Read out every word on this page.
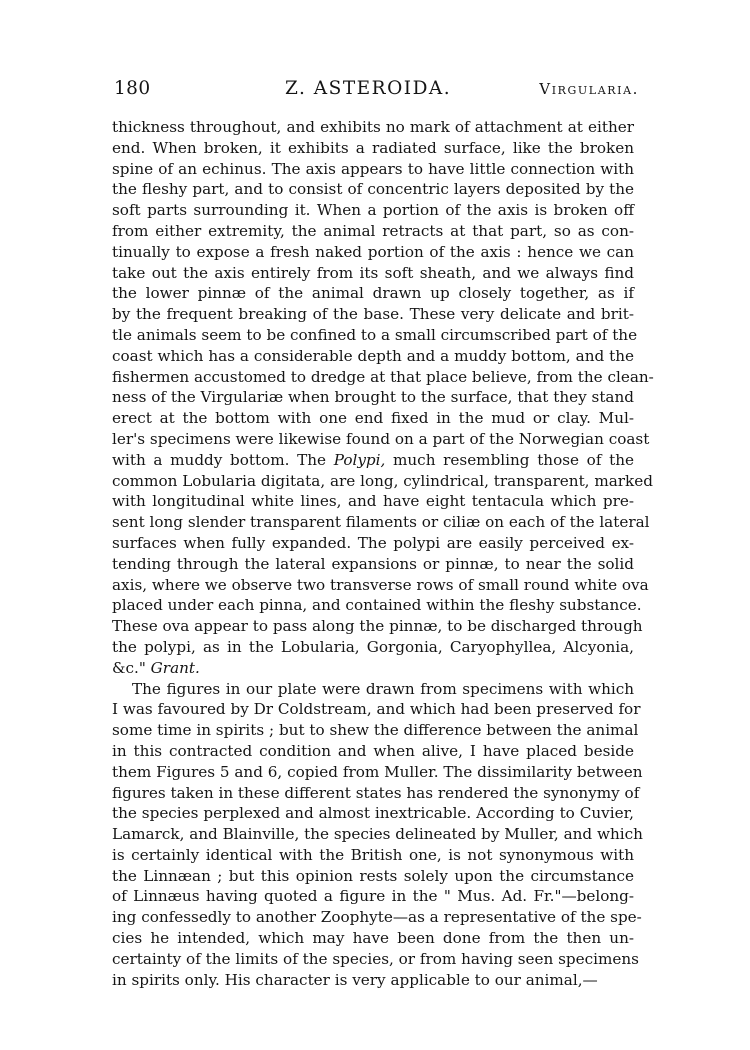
180	Z. ASTEROIDA.	Virgularia.
thickness throughout, and exhibits no mark of attachment at either
end. When broken, it exhibits a radiated surface, like the broken
spine of an echinus. The axis appears to have little connection with
the fleshy part, and to consist of concentric layers deposited by the
soft parts surrounding it. When a portion of the axis is broken off
from either extremity, the animal retracts at that part, so as con-
tinually to expose a fresh naked portion of the axis : hence we can
take out the axis entirely from its soft sheath, and we always find
the lower pinnæ of the animal drawn up closely together, as if
by the frequent breaking of the base. These very delicate and brit-
tle animals seem to be confined to a small circumscribed part of the
coast which has a considerable depth and a muddy bottom, and the
fishermen accustomed to dredge at that place believe, from the clean-
ness of the Virgulariæ when brought to the surface, that they stand
erect at the bottom with one end fixed in the mud or clay. Mul-
ler's specimens were likewise found on a part of the Norwegian coast
with a muddy bottom. The Polypi, much resembling those of the
common Lobularia digitata, are long, cylindrical, transparent, marked
with longitudinal white lines, and have eight tentacula which pre-
sent long slender transparent filaments or ciliæ on each of the lateral
surfaces when fully expanded. The polypi are easily perceived ex-
tending through the lateral expansions or pinnæ, to near the solid
axis, where we observe two transverse rows of small round white ova
placed under each pinna, and contained within the fleshy substance.
These ova appear to pass along the pinnæ, to be discharged through
the polypi, as in the Lobularia, Gorgonia, Caryophyllea, Alcyonia,
&c." Grant.
The figures in our plate were drawn from specimens with which
I was favoured by Dr Coldstream, and which had been preserved for
some time in spirits ; but to shew the difference between the animal
in this contracted condition and when alive, I have placed beside
them Figures 5 and 6, copied from Muller. The dissimilarity between
figures taken in these different states has rendered the synonymy of
the species perplexed and almost inextricable. According to Cuvier,
Lamarck, and Blainville, the species delineated by Muller, and which
is certainly identical with the British one, is not synonymous with
the Linnæan ; but this opinion rests solely upon the circumstance
of Linnæus having quoted a figure in the " Mus. Ad. Fr."—belong-
ing confessedly to another Zoophyte—as a representative of the spe-
cies he intended, which may have been done from the then un-
certainty of the limits of the species, or from having seen specimens
in spirits only. His character is very applicable to our animal,—
